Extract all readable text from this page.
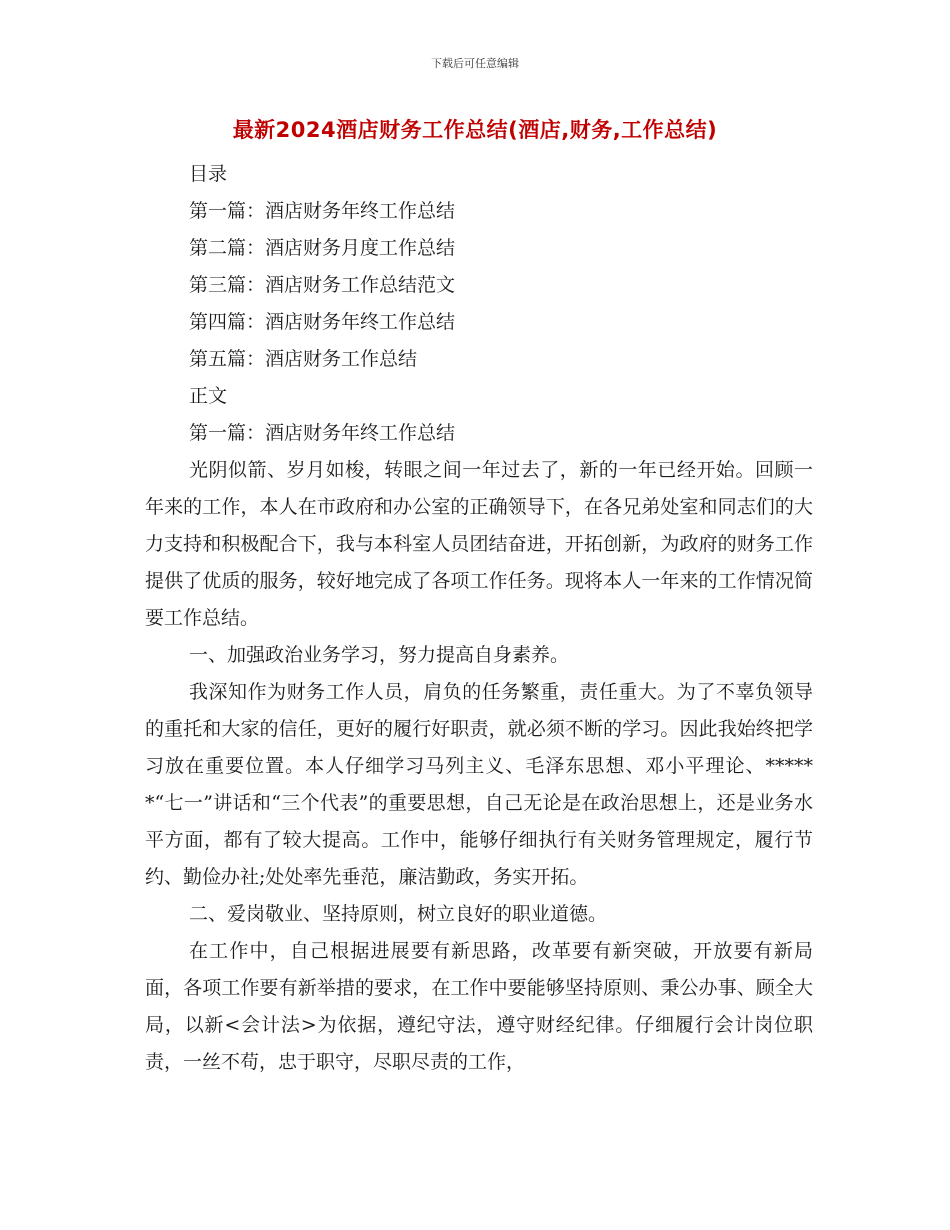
下载后可任意编辑
最新2024酒店财务工作总结(酒店,财务,工作总结)
目录
第一篇：酒店财务年终工作总结
第二篇：酒店财务月度工作总结
第三篇：酒店财务工作总结范文
第四篇：酒店财务年终工作总结
第五篇：酒店财务工作总结
正文
第一篇：酒店财务年终工作总结
光阴似箭、岁月如梭，转眼之间一年过去了，新的一年已经开始。回顾一年来的工作，本人在市政府和办公室的正确领导下，在各兄弟处室和同志们的大力支持和积极配合下，我与本科室人员团结奋进，开拓创新，为政府的财务工作提供了优质的服务，较好地完成了各项工作任务。现将本人一年来的工作情况简要工作总结。
一、加强政治业务学习，努力提高自身素养。
我深知作为财务工作人员，肩负的任务繁重，责任重大。为了不辜负领导的重托和大家的信任，更好的履行好职责，就必须不断的学习。因此我始终把学习放在重要位置。本人仔细学习马列主义、毛泽东思想、邓小平理论、******“七一”讲话和“三个代表”的重要思想，自己无论是在政治思想上，还是业务水平方面，都有了较大提高。工作中，能够仔细执行有关财务管理规定，履行节约、勤俭办社;处处率先垂范，廉洁勤政，务实开拓。
二、爱岗敬业、坚持原则，树立良好的职业道德。
在工作中，自己根据进展要有新思路，改革要有新突破，开放要有新局面，各项工作要有新举措的要求，在工作中要能够坚持原则、秉公办事、顾全大局，以新<会计法>为依据，遵纪守法，遵守财经纪律。仔细履行会计岗位职责，一丝不苟，忠于职守，尽职尽责的工作，
